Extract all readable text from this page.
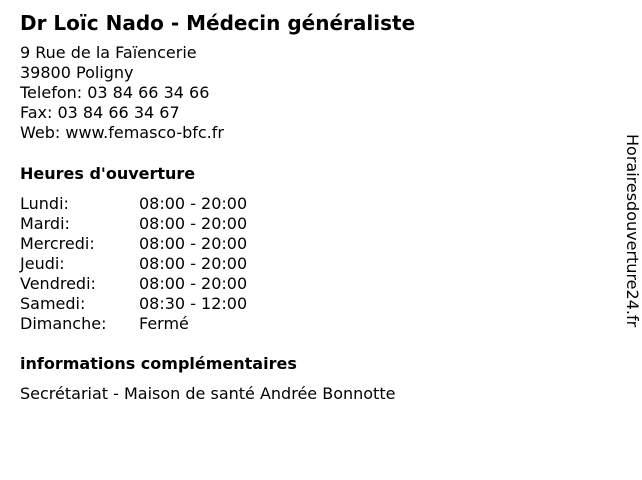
Dr Loïc Nado - Médecin généraliste
9 Rue de la Faïencerie
39800 Poligny
Telefon: 03 84 66 34 66
Fax: 03 84 66 34 67
Web: www.femasco-bfc.fr
Heures d'ouverture
Lundi:	08:00 - 20:00
Mardi:	08:00 - 20:00
Mercredi:	08:00 - 20:00
Jeudi:	08:00 - 20:00
Vendredi:	08:00 - 20:00
Samedi:	08:30 - 12:00
Dimanche:	Fermé
informations complémentaires
Secrétariat - Maison de santé Andrée Bonnotte
Horairesdouverture24.fr
